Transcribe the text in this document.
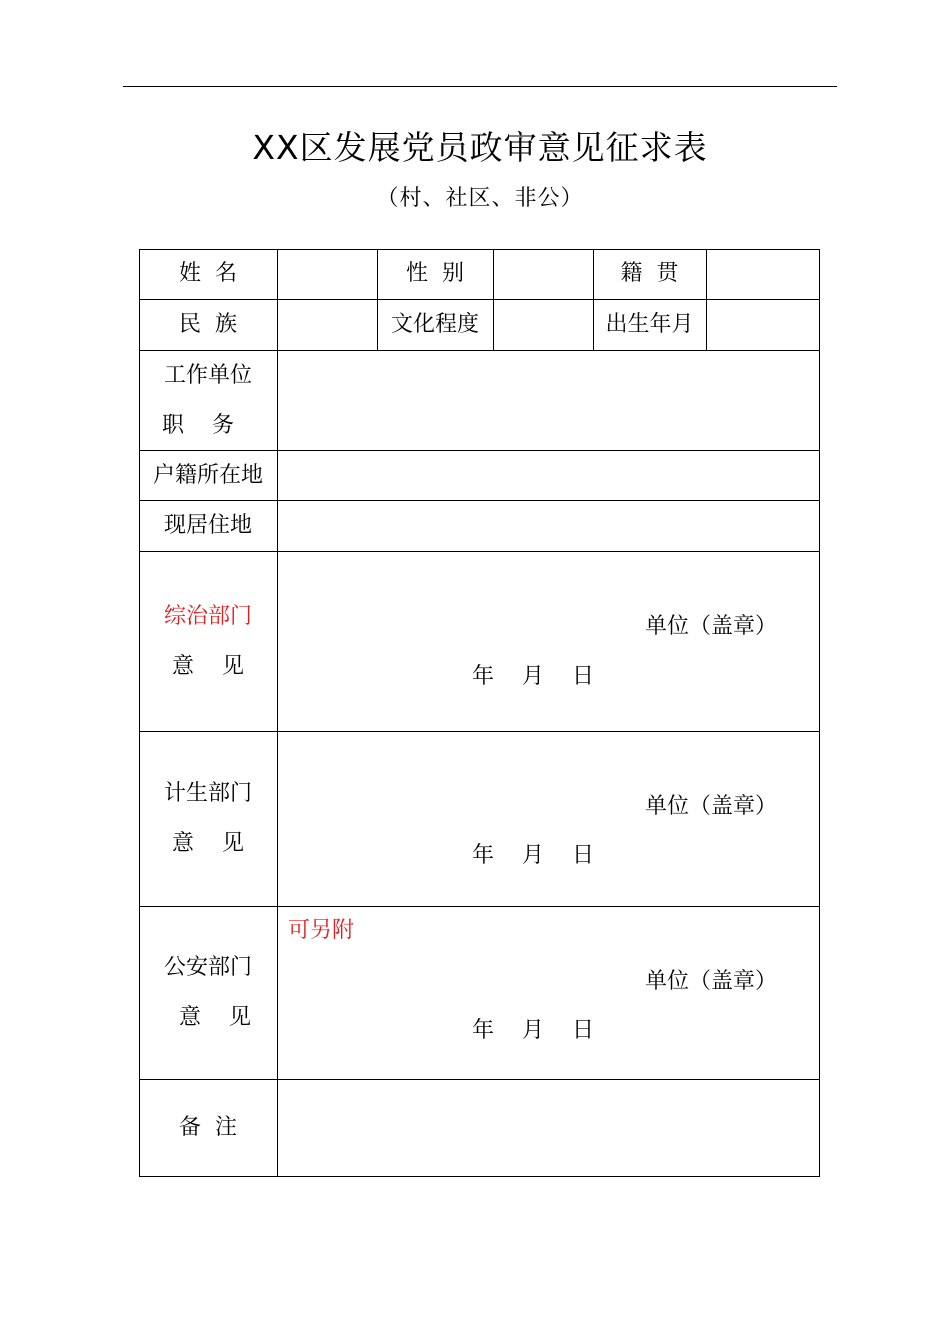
XX区发展党员政审意见征求表
（村、社区、非公）
姓  名	性  别	籍  贯
民  族	文化程度	出生年月
工作单位
职    务
户籍所在地
现居住地
综治部门
意    见
单位（盖章）
年    月    日
计生部门
意    见
单位（盖章）
年    月    日
公安部门
意    见
可另附
单位（盖章）
年    月    日
备  注
